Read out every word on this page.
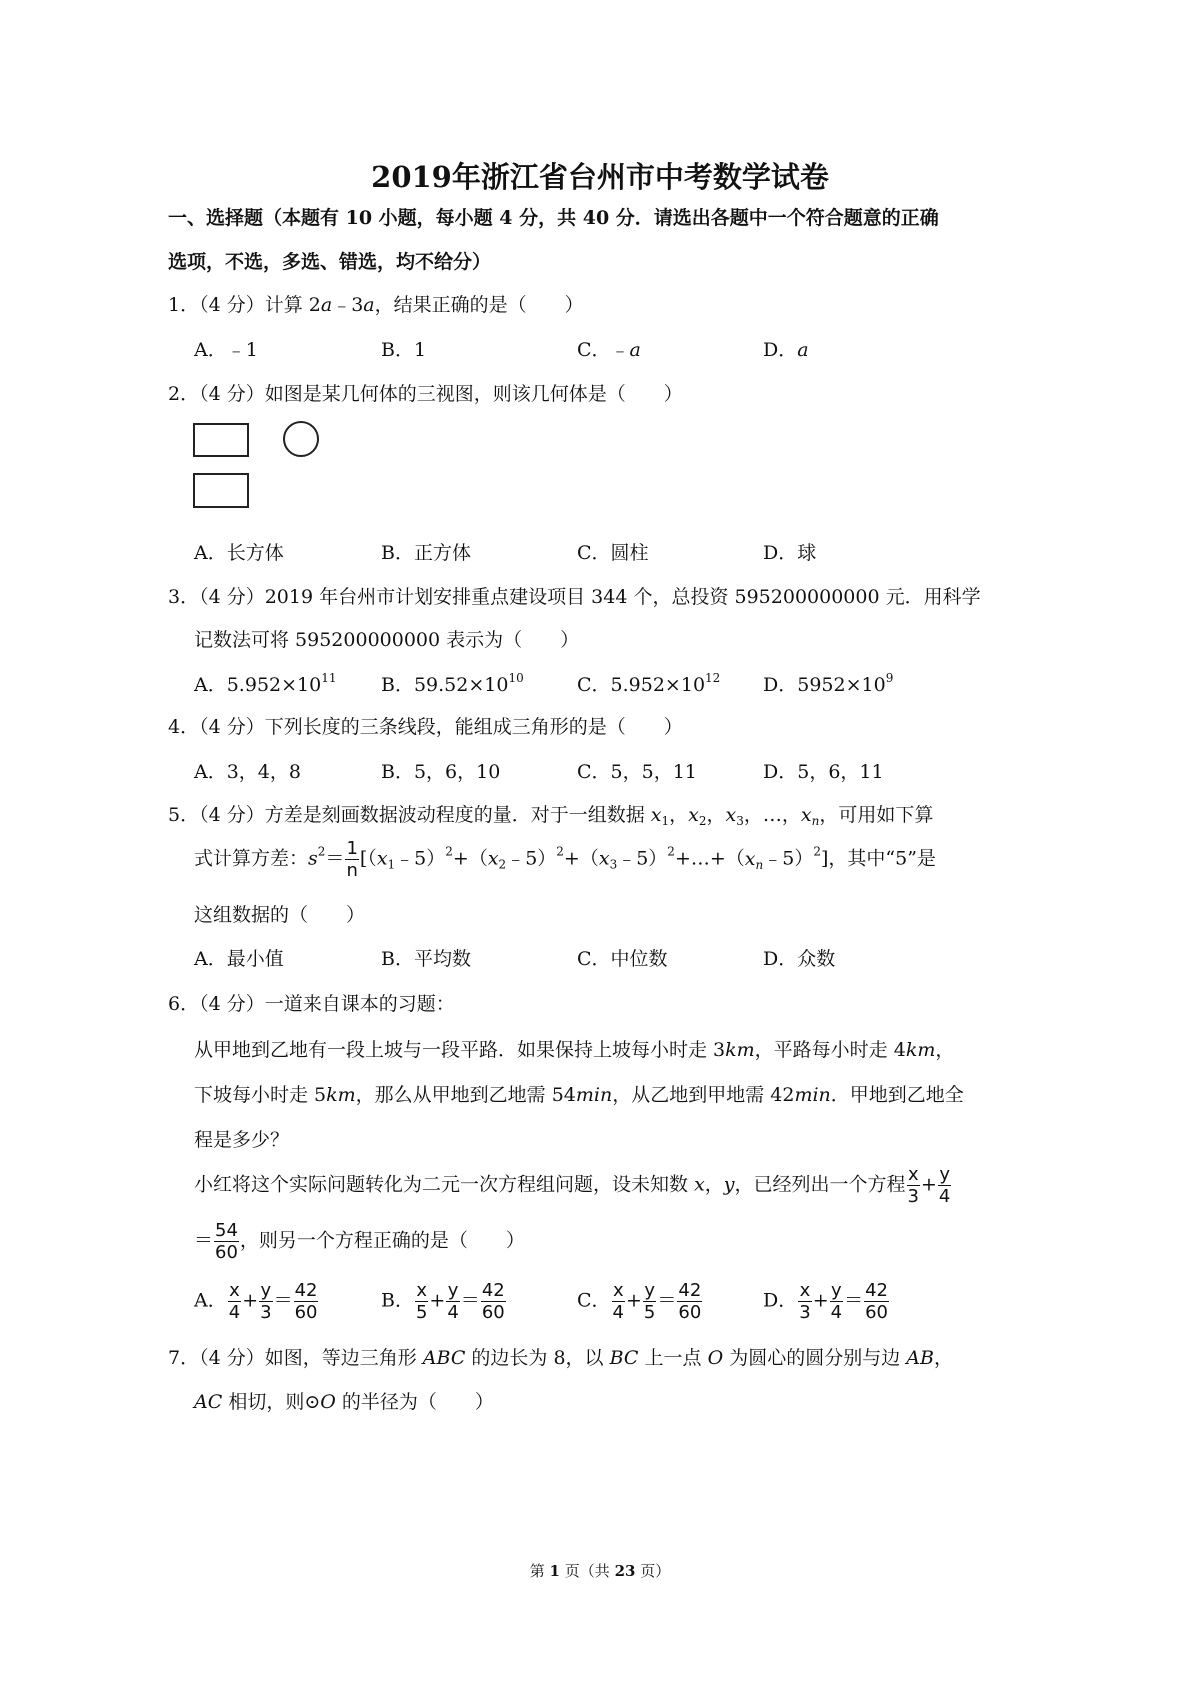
2019年浙江省台州市中考数学试卷
一、选择题（本题有 10 小题，每小题 4 分，共 40 分．请选出各题中一个符合题意的正确
选项，不选，多选、错选，均不给分）
1．（4 分）计算 2a﹣3a，结果正确的是（　　）
A．﹣1	B．1	C．﹣a	D．a
2．（4 分）如图是某几何体的三视图，则该几何体是（　　）
A．长方体	B．正方体	C．圆柱	D．球
3．（4 分）2019 年台州市计划安排重点建设项目 344 个，总投资 595200000000 元．用科学
记数法可将 595200000000 表示为（　　）
A．$5.952\times 10^{11}$ B．$59.52\times 10^{10}$	C．$5.952\times 10^{12}$ D．$5952\times 10^9$
4．（4 分）下列长度的三条线段，能组成三角形的是（　　）
A．3，4，8	B．5，6，10	C．5，5，11	D．5，6，11
5．（4 分）方差是刻画数据波动程度的量．对于一组数据 $x_1$，$x_2$，$x_3$，…，$x_n$，可用如下算
式计算方差：$s^2= \frac{1}{n}$ $[(x_1﹣5)^2+(x_2﹣5)^2+(x_3﹣5)^2+\dots+(x_n﹣5)^2]$，其中“5”是
这组数据的（　　）
A．最小值	B．平均数	C．中位数	D．众数
6．（4 分）一道来自课本的习题：
从甲地到乙地有一段上坡与一段平路．如果保持上坡每小时走 3km，平路每小时走 4km，
下坡每小时走 5km，那么从甲地到乙地需 54min，从乙地到甲地需 42min．甲地到乙地全
程是多少？
小红将这个实际问题转化为二元一次方程组问题，设未知数 x，y，已经列出一个方程 $\frac{x}{3} + \frac{y}{4}$
＝ $\frac{54}{60}$ ，则另一个方程正确的是（　　）
A． $\frac{x}{4} + \frac{y}{3} = \frac{42}{60}$	B． $\frac{x}{5} + \frac{y}{4} = \frac{42}{60}$	C． $\frac{x}{4} + \frac{y}{5} = \frac{42}{60}$	D． $\frac{x}{3} + \frac{y}{4} = \frac{42}{60}$
7．（4 分）如图，等边三角形 ABC 的边长为 8，以 BC 上一点 O 为圆心的圆分别与边 AB，
AC 相切，则⊙O 的半径为（　　）
第 1 页（共 23 页）
